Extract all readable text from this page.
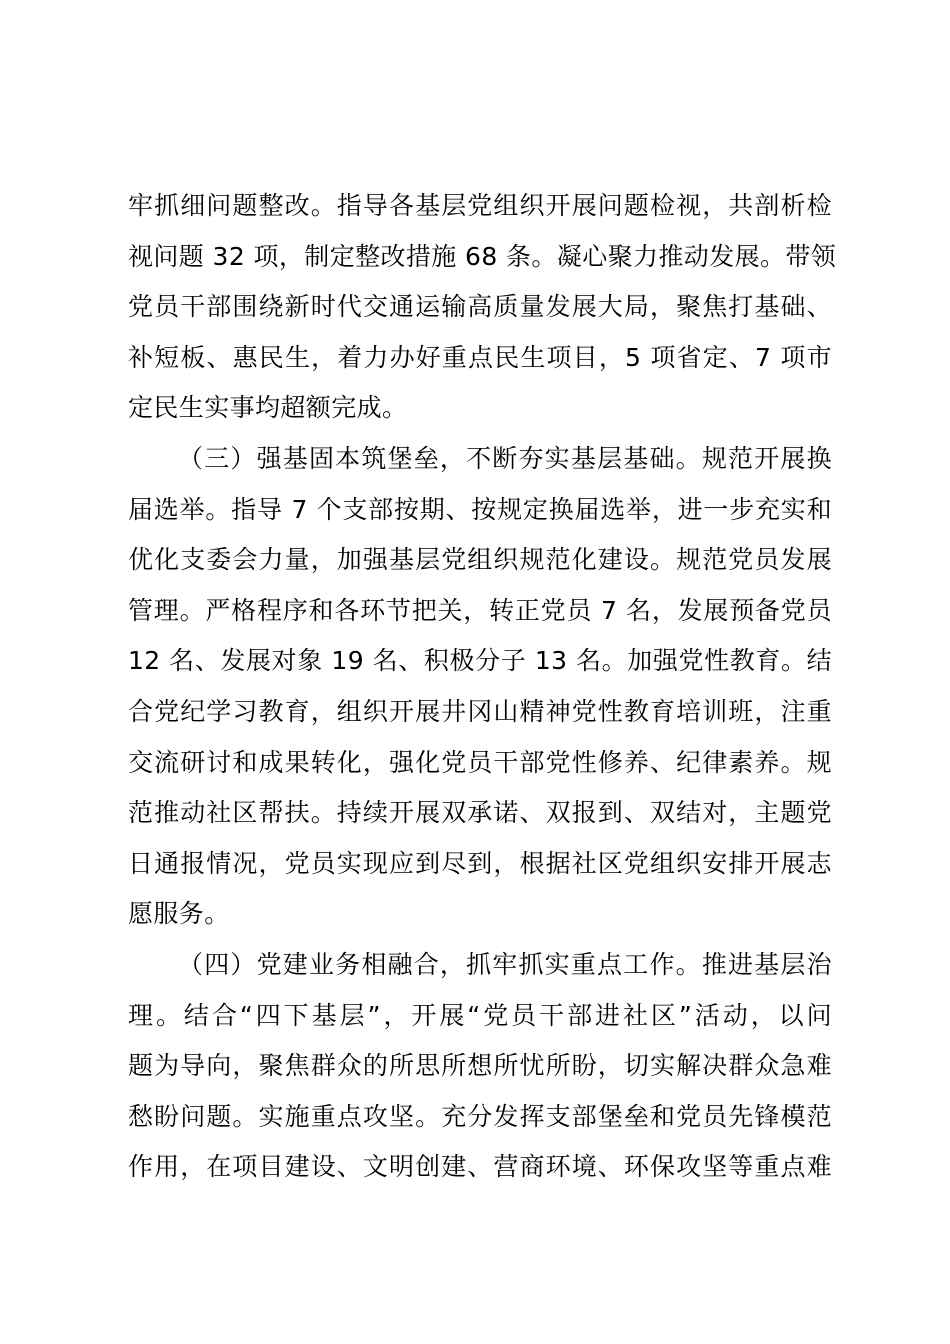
牢抓细问题整改。指导各基层党组织开展问题检视，共剖析检
视问题 32 项，制定整改措施 68 条。凝心聚力推动发展。带领
党员干部围绕新时代交通运输高质量发展大局，聚焦打基础、
补短板、惠民生，着力办好重点民生项目，5 项省定、7 项市
定民生实事均超额完成。
（三）强基固本筑堡垒，不断夯实基层基础。规范开展换
届选举。指导 7 个支部按期、按规定换届选举，进一步充实和
优化支委会力量，加强基层党组织规范化建设。规范党员发展
管理。严格程序和各环节把关，转正党员 7 名，发展预备党员
12 名、发展对象 19 名、积极分子 13 名。加强党性教育。结
合党纪学习教育，组织开展井冈山精神党性教育培训班，注重
交流研讨和成果转化，强化党员干部党性修养、纪律素养。规
范推动社区帮扶。持续开展双承诺、双报到、双结对，主题党
日通报情况，党员实现应到尽到，根据社区党组织安排开展志
愿服务。
（四）党建业务相融合，抓牢抓实重点工作。推进基层治
理。结合“四下基层”，开展“党员干部进社区”活动，以问
题为导向，聚焦群众的所思所想所忧所盼，切实解决群众急难
愁盼问题。实施重点攻坚。充分发挥支部堡垒和党员先锋模范
作用，在项目建设、文明创建、营商环境、环保攻坚等重点难
